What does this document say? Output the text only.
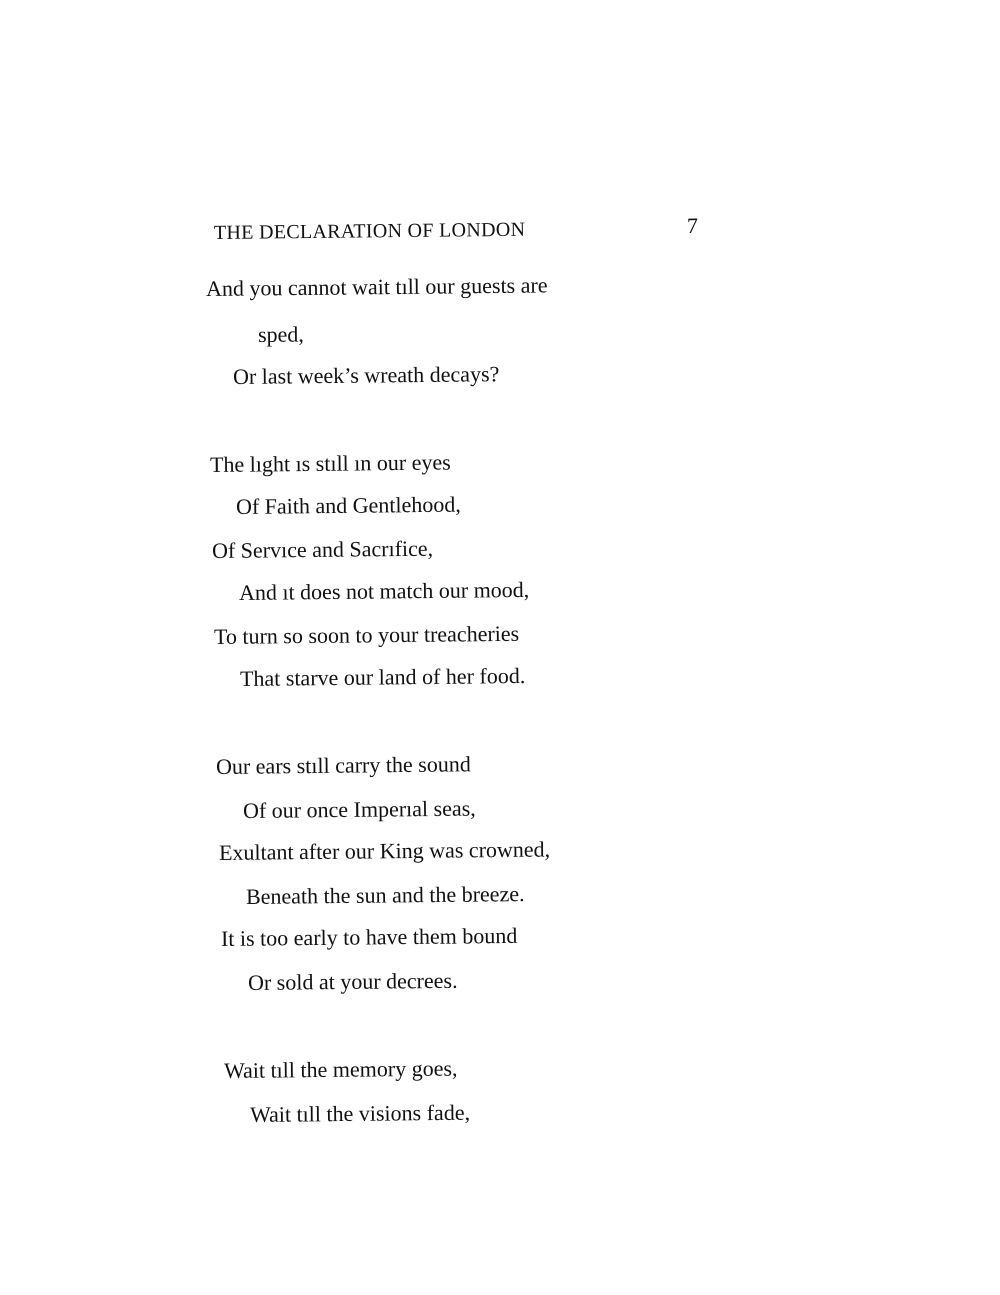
THE DECLARATION OF LONDON	7
And you cannot wait tıll our guests are
sped,
Or last week’s wreath decays?
The lıght ıs stıll ın our eyes
Of Faith and Gentlehood,
Of Servıce and Sacrıfice,
And ıt does not match our mood,
To turn so soon to your treacheries
That starve our land of her food.
Our ears stıll carry the sound
Of our once Imperıal seas,
Exultant after our King was crowned,
Beneath the sun and the breeze.
It is too early to have them bound
Or sold at your decrees.
Wait tıll the memory goes,
Wait tıll the visions fade,
